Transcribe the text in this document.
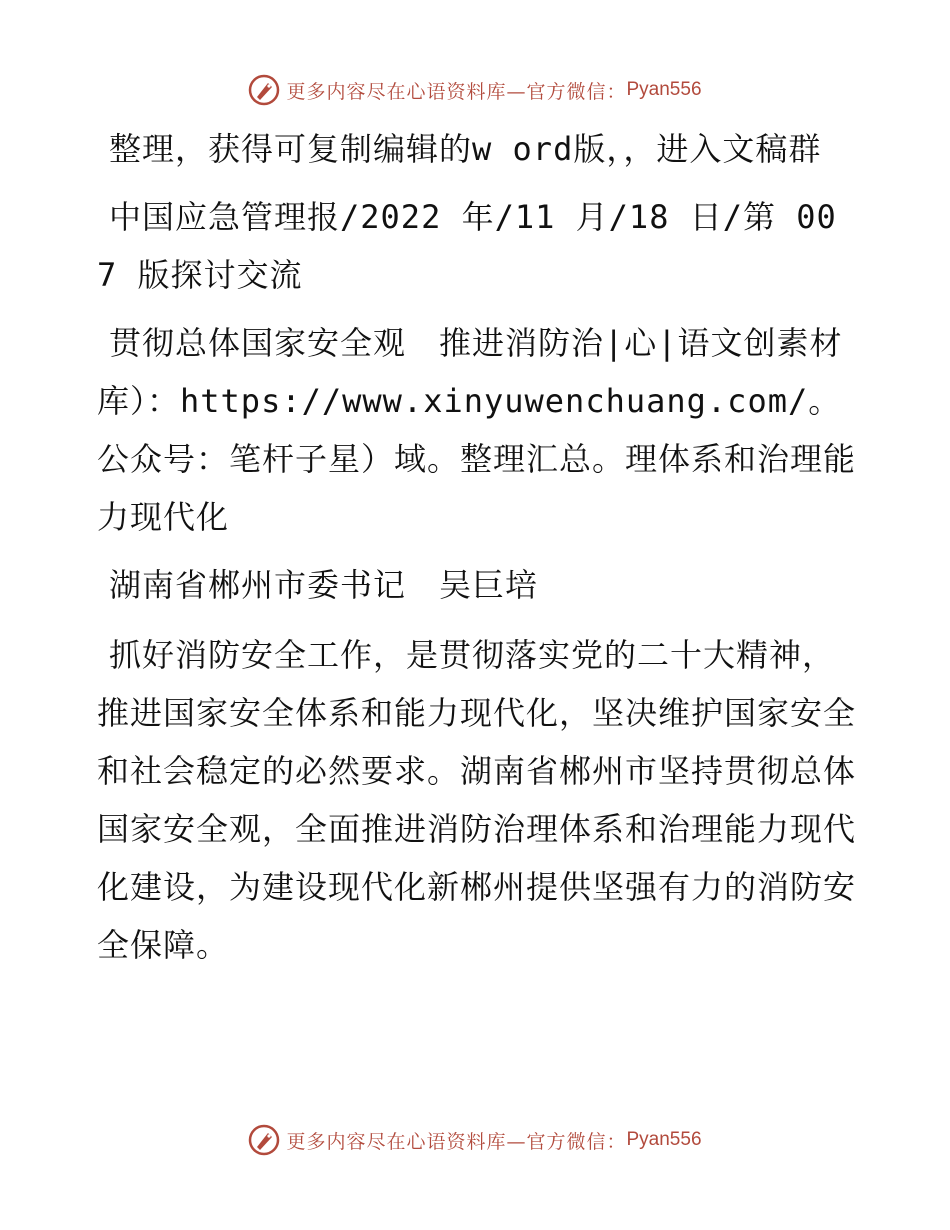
更多内容尽在心语资料库—官方微信： Pyan556

整理，获得可复制编辑的w ord版，，进入文稿群

中国应急管理报/2022 年/11 月/18 日/第 007 版探讨交流

贯彻总体国家安全观　推进消防治|心|语文创素材库）：https://www.xinyuwenchuang.com/。公众号：笔杆子星）域。整理汇总。理体系和治理能力现代化

湖南省郴州市委书记　吴巨培

抓好消防安全工作，是贯彻落实党的二十大精神，推进国家安全体系和能力现代化，坚决维护国家安全和社会稳定的必然要求。湖南省郴州市坚持贯彻总体国家安全观，全面推进消防治理体系和治理能力现代化建设，为建设现代化新郴州提供坚强有力的消防安全保障。

更多内容尽在心语资料库—官方微信： Pyan556
